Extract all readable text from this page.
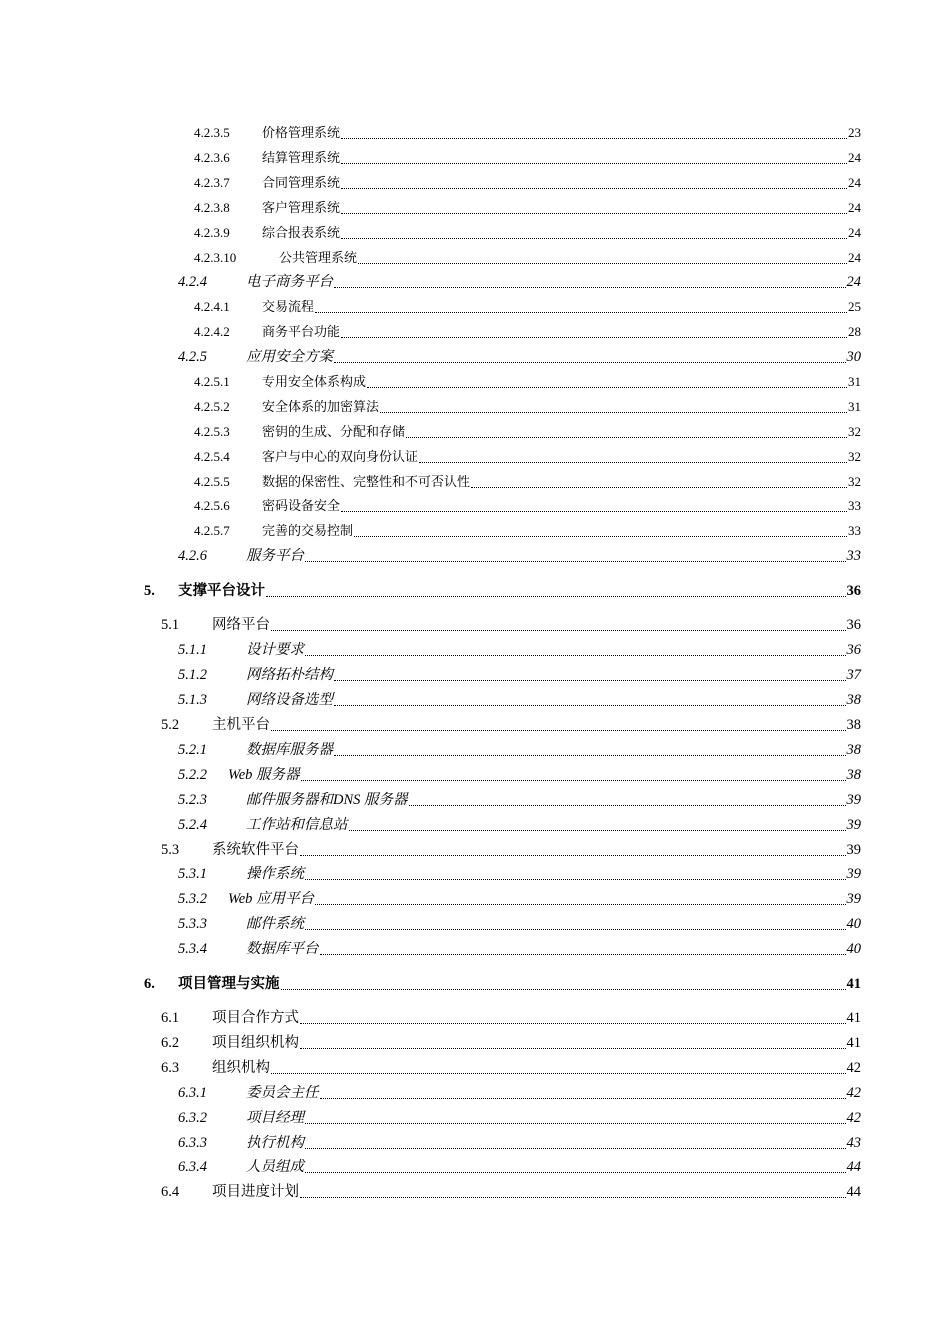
4.2.3.5 价格管理系统	23
4.2.3.6 结算管理系统	24
4.2.3.7 合同管理系统	24
4.2.3.8 客户管理系统	24
4.2.3.9 综合报表系统	24
4.2.3.10	公共管理系统	24
4.2.4	电子商务平台	24
4.2.4.1 交易流程	25
4.2.4.2 商务平台功能	28
4.2.5	应用安全方案	30
4.2.5.1 专用安全体系构成	31
4.2.5.2 安全体系的加密算法	31
4.2.5.3 密钥的生成、分配和存储	32
4.2.5.4 客户与中心的双向身份认证	32
4.2.5.5 数据的保密性、完整性和不可否认性	32
4.2.5.6 密码设备安全	33
4.2.5.7 完善的交易控制	33
4.2.6	服务平台	33
5. 支撑平台设计	36
5.1 网络平台	36
5.1.1	设计要求	36
5.1.2	网络拓朴结构	37
5.1.3	网络设备选型	38
5.2 主机平台	38
5.2.1	数据库服务器	38
5.2.2 Web 服务器	38
5.2.3	邮件服务器和DNS 服务器	39
5.2.4	工作站和信息站	39
5.3 系统软件平台	39
5.3.1	操作系统	39
5.3.2 Web 应用平台	39
5.3.3	邮件系统	40
5.3.4	数据库平台	40
6. 项目管理与实施	41
6.1 项目合作方式	41
6.2 项目组织机构	41
6.3 组织机构	42
6.3.1	委员会主任	42
6.3.2	项目经理	42
6.3.3	执行机构	43
6.3.4	人员组成	44
6.4 项目进度计划	44
